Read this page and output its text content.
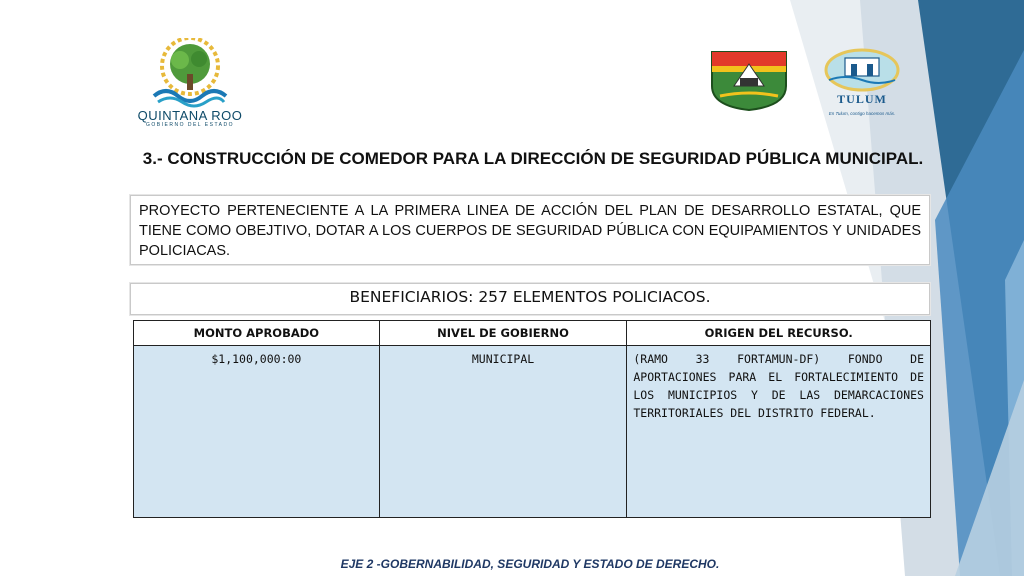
QUINTANA ROO
GOBIERNO DEL ESTADO
TULUM
En Tulum, contigo hacemos más.
3.- CONSTRUCCIÓN DE COMEDOR PARA LA DIRECCIÓN DE SEGURIDAD PÚBLICA MUNICIPAL.
PROYECTO PERTENECIENTE A LA PRIMERA LINEA DE ACCIÓN DEL PLAN DE DESARROLLO ESTATAL, QUE TIENE COMO OBEJTIVO, DOTAR A LOS CUERPOS DE SEGURIDAD PÚBLICA CON EQUIPAMIENTOS Y UNIDADES POLICIACAS.
BENEFICIARIOS: 257 ELEMENTOS POLICIACOS.
MONTO APROBADO	NIVEL DE GOBIERNO	ORIGEN DEL RECURSO.
$1,100,000:00	MUNICIPAL	(RAMO 33 FORTAMUN-DF) FONDO DE APORTACIONES PARA EL FORTALECIMIENTO DE LOS MUNICIPIOS Y DE LAS DEMARCACIONES TERRITORIALES DEL DISTRITO FEDERAL.
EJE 2 -GOBERNABILIDAD, SEGURIDAD Y ESTADO DE DERECHO.
